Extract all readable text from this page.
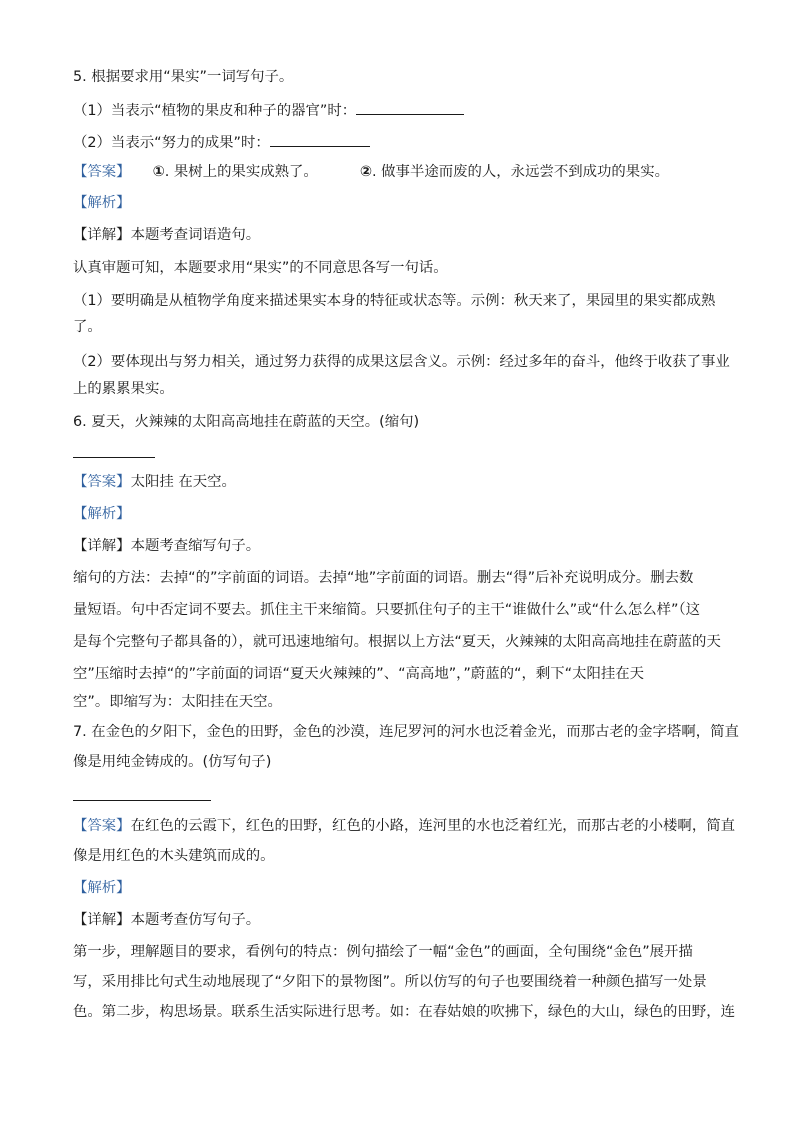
5. 根据要求用“果实”一词写句子。
（1）当表示“植物的果皮和种子的器官”时：
（2）当表示“努力的成果”时：
【答案】 ①. 果树上的果实成熟了。	②. 做事半途而废的人，永远尝不到成功的果实。
【解析】
【详解】本题考查词语造句。
认真审题可知，本题要求用“果实”的不同意思各写一句话。
（1）要明确是从植物学角度来描述果实本身的特征或状态等。示例：秋天来了，果园里的果实都成熟
了。
（2）要体现出与努力相关，通过努力获得的成果这层含义。示例：经过多年的奋斗，他终于收获了事业
上的累累果实。
6. 夏天，火辣辣的太阳高高地挂在蔚蓝的天空。(缩句)
【答案】太阳挂 在天空。
【解析】
【详解】本题考查缩写句子。
缩句的方法：去掉“的”字前面的词语。去掉“地”字前面的词语。删去“得”后补充说明成分。删去数
量短语。句中否定词不要去。抓住主干来缩简。只要抓住句子的主干“谁做什么”或“什么怎么样”（这
是每个完整句子都具备的），就可迅速地缩句。根据以上方法“夏天，火辣辣的太阳高高地挂在蔚蓝的天
空”压缩时去掉“的”字前面的词语“夏天火辣辣的”、“高高地”，”蔚蓝的“，剩下“太阳挂在天
空”。即缩写为：太阳挂在天空。
7. 在金色的夕阳下，金色的田野，金色的沙漠，连尼罗河的河水也泛着金光，而那古老的金字塔啊，简直
像是用纯金铸成的。(仿写句子)
【答案】在红色的云霞下，红色的田野，红色的小路，连河里的水也泛着红光，而那古老的小楼啊，简直
像是用红色的木头建筑而成的。
【解析】
【详解】本题考查仿写句子。
第一步，理解题目的要求，看例句的特点：例句描绘了一幅“金色”的画面，全句围绕“金色”展开描
写，采用排比句式生动地展现了“夕阳下的景物图”。所以仿写的句子也要围绕着一种颜色描写一处景
色。第二步，构思场景。联系生活实际进行思考。如：在春姑娘的吹拂下，绿色的大山，绿色的田野，连
